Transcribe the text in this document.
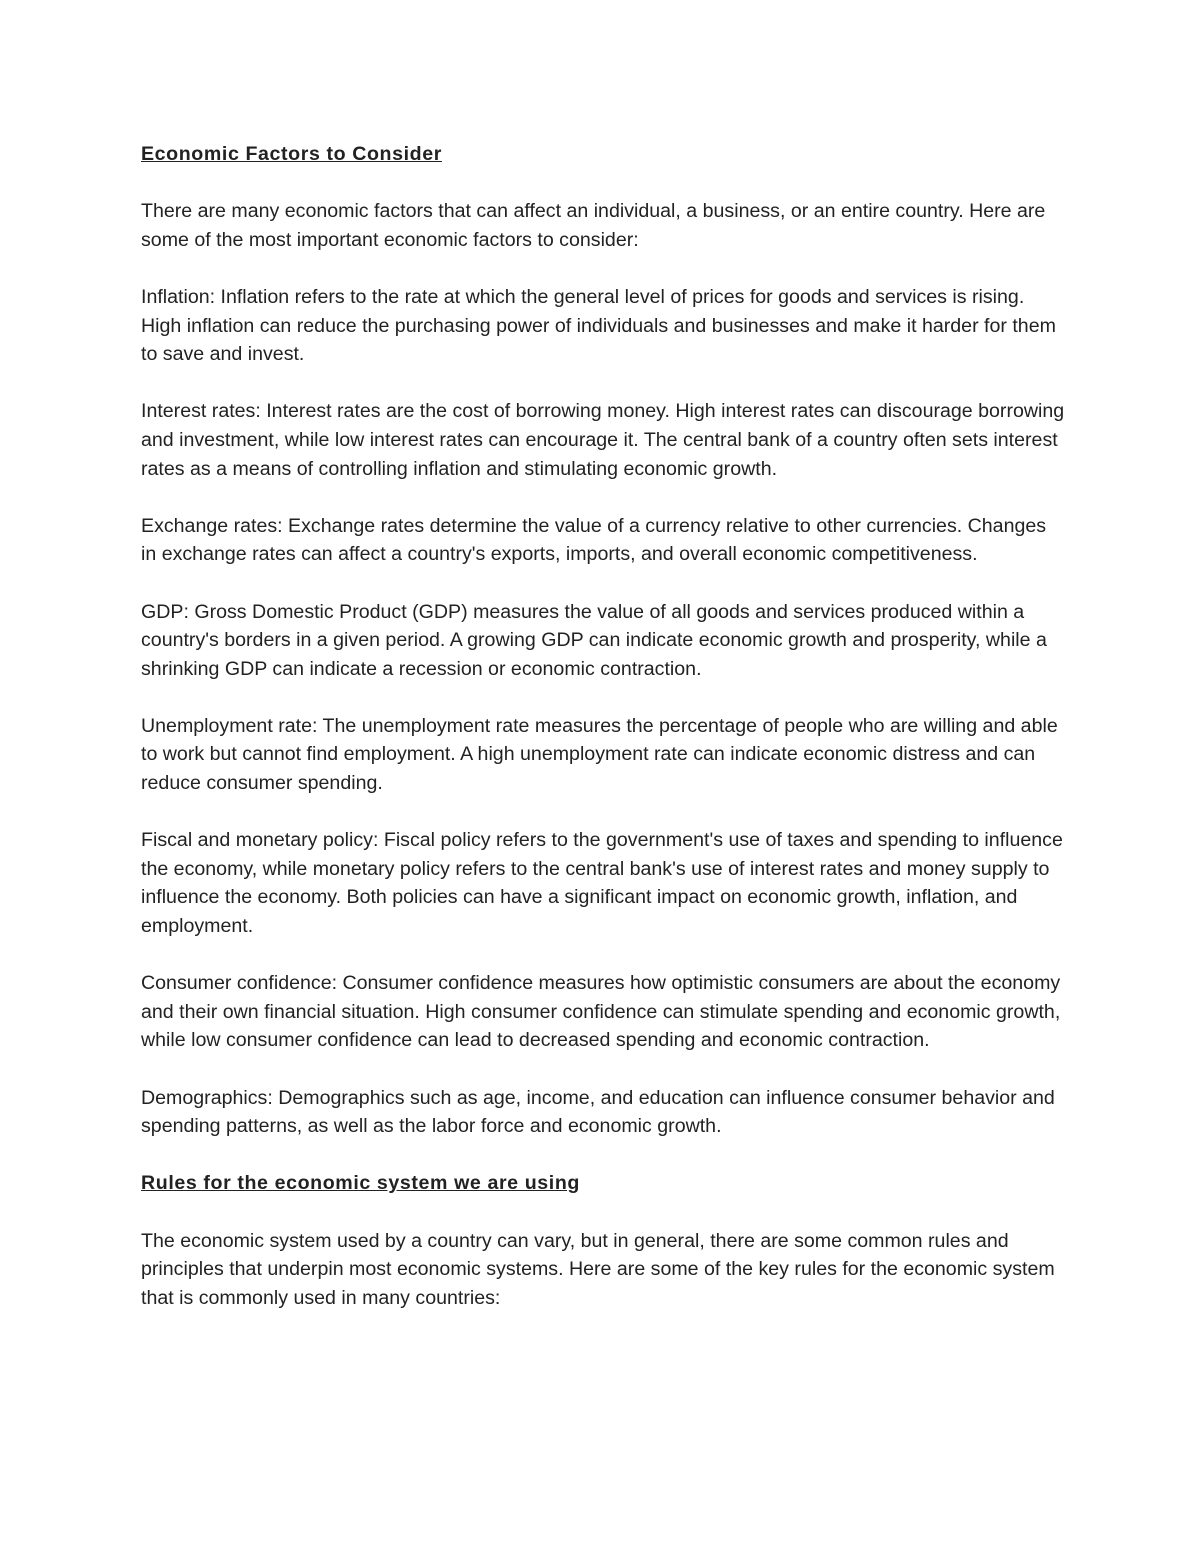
Economic Factors to Consider

There are many economic factors that can affect an individual, a business, or an entire country. Here are some of the most important economic factors to consider:

Inflation: Inflation refers to the rate at which the general level of prices for goods and services is rising. High inflation can reduce the purchasing power of individuals and businesses and make it harder for them to save and invest.

Interest rates: Interest rates are the cost of borrowing money. High interest rates can discourage borrowing and investment, while low interest rates can encourage it. The central bank of a country often sets interest rates as a means of controlling inflation and stimulating economic growth.

Exchange rates: Exchange rates determine the value of a currency relative to other currencies. Changes in exchange rates can affect a country's exports, imports, and overall economic competitiveness.

GDP: Gross Domestic Product (GDP) measures the value of all goods and services produced within a country's borders in a given period. A growing GDP can indicate economic growth and prosperity, while a shrinking GDP can indicate a recession or economic contraction.

Unemployment rate: The unemployment rate measures the percentage of people who are willing and able to work but cannot find employment. A high unemployment rate can indicate economic distress and can reduce consumer spending.

Fiscal and monetary policy: Fiscal policy refers to the government's use of taxes and spending to influence the economy, while monetary policy refers to the central bank's use of interest rates and money supply to influence the economy. Both policies can have a significant impact on economic growth, inflation, and employment.

Consumer confidence: Consumer confidence measures how optimistic consumers are about the economy and their own financial situation. High consumer confidence can stimulate spending and economic growth, while low consumer confidence can lead to decreased spending and economic contraction.

Demographics: Demographics such as age, income, and education can influence consumer behavior and spending patterns, as well as the labor force and economic growth.

Rules for the economic system we are using

The economic system used by a country can vary, but in general, there are some common rules and principles that underpin most economic systems. Here are some of the key rules for the economic system that is commonly used in many countries:
